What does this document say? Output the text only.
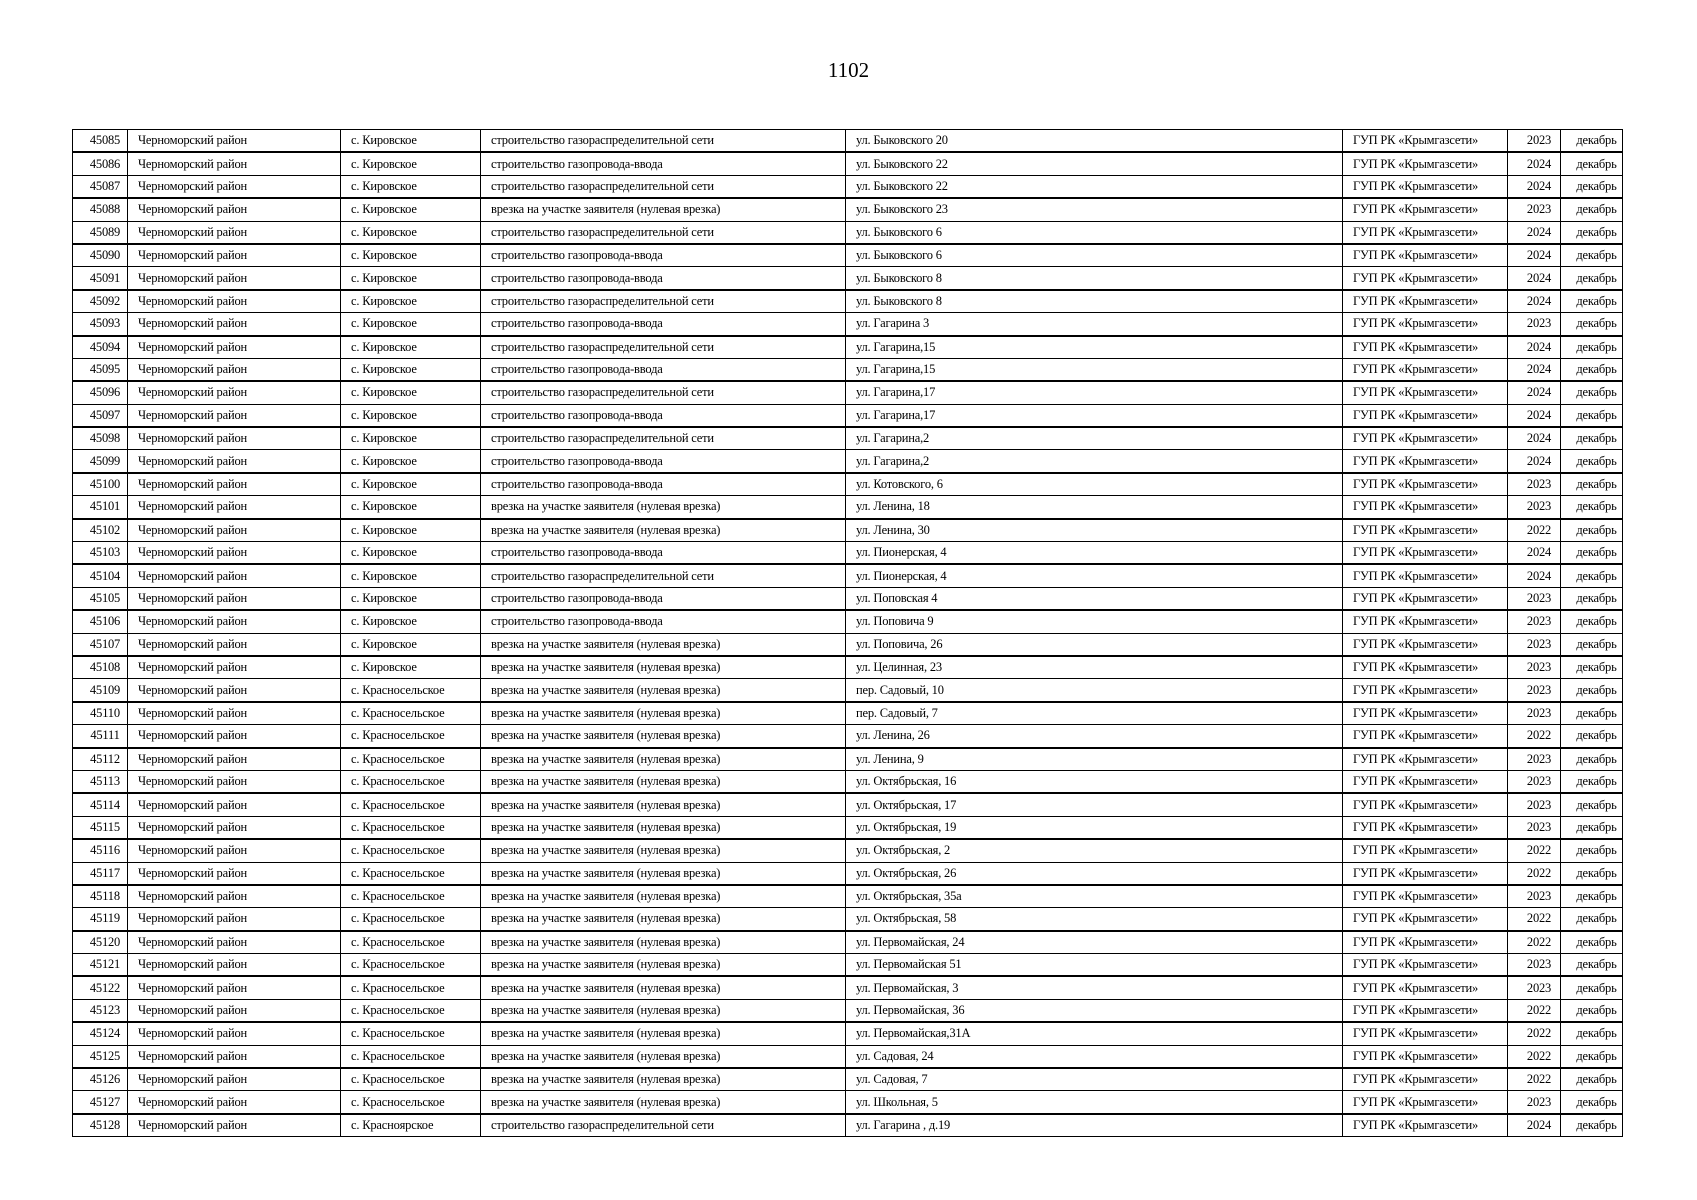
1102
45085	Черноморский район	с. Кировское	строительство газораспределительной сети	ул. Быковского 20	ГУП РК «Крымгазсети»	2023	декабрь
45086	Черноморский район	с. Кировское	строительство газопровода-ввода	ул. Быковского 22	ГУП РК «Крымгазсети»	2024	декабрь
45087	Черноморский район	с. Кировское	строительство газораспределительной сети	ул. Быковского 22	ГУП РК «Крымгазсети»	2024	декабрь
45088	Черноморский район	с. Кировское	врезка на участке заявителя (нулевая врезка)	ул. Быковского 23	ГУП РК «Крымгазсети»	2023	декабрь
45089	Черноморский район	с. Кировское	строительство газораспределительной сети	ул. Быковского 6	ГУП РК «Крымгазсети»	2024	декабрь
45090	Черноморский район	с. Кировское	строительство газопровода-ввода	ул. Быковского 6	ГУП РК «Крымгазсети»	2024	декабрь
45091	Черноморский район	с. Кировское	строительство газопровода-ввода	ул. Быковского 8	ГУП РК «Крымгазсети»	2024	декабрь
45092	Черноморский район	с. Кировское	строительство газораспределительной сети	ул. Быковского 8	ГУП РК «Крымгазсети»	2024	декабрь
45093	Черноморский район	с. Кировское	строительство газопровода-ввода	ул. Гагарина 3	ГУП РК «Крымгазсети»	2023	декабрь
45094	Черноморский район	с. Кировское	строительство газораспределительной сети	ул. Гагарина,15	ГУП РК «Крымгазсети»	2024	декабрь
45095	Черноморский район	с. Кировское	строительство газопровода-ввода	ул. Гагарина,15	ГУП РК «Крымгазсети»	2024	декабрь
45096	Черноморский район	с. Кировское	строительство газораспределительной сети	ул. Гагарина,17	ГУП РК «Крымгазсети»	2024	декабрь
45097	Черноморский район	с. Кировское	строительство газопровода-ввода	ул. Гагарина,17	ГУП РК «Крымгазсети»	2024	декабрь
45098	Черноморский район	с. Кировское	строительство газораспределительной сети	ул. Гагарина,2	ГУП РК «Крымгазсети»	2024	декабрь
45099	Черноморский район	с. Кировское	строительство газопровода-ввода	ул. Гагарина,2	ГУП РК «Крымгазсети»	2024	декабрь
45100	Черноморский район	с. Кировское	строительство газопровода-ввода	ул. Котовского, 6	ГУП РК «Крымгазсети»	2023	декабрь
45101	Черноморский район	с. Кировское	врезка на участке заявителя (нулевая врезка)	ул. Ленина, 18	ГУП РК «Крымгазсети»	2023	декабрь
45102	Черноморский район	с. Кировское	врезка на участке заявителя (нулевая врезка)	ул. Ленина, 30	ГУП РК «Крымгазсети»	2022	декабрь
45103	Черноморский район	с. Кировское	строительство газопровода-ввода	ул. Пионерская, 4	ГУП РК «Крымгазсети»	2024	декабрь
45104	Черноморский район	с. Кировское	строительство газораспределительной сети	ул. Пионерская, 4	ГУП РК «Крымгазсети»	2024	декабрь
45105	Черноморский район	с. Кировское	строительство газопровода-ввода	ул. Поповская 4	ГУП РК «Крымгазсети»	2023	декабрь
45106	Черноморский район	с. Кировское	строительство газопровода-ввода	ул. Поповича 9	ГУП РК «Крымгазсети»	2023	декабрь
45107	Черноморский район	с. Кировское	врезка на участке заявителя (нулевая врезка)	ул. Поповича, 26	ГУП РК «Крымгазсети»	2023	декабрь
45108	Черноморский район	с. Кировское	врезка на участке заявителя (нулевая врезка)	ул. Целинная, 23	ГУП РК «Крымгазсети»	2023	декабрь
45109	Черноморский район	с. Красносельское	врезка на участке заявителя (нулевая врезка)	пер. Садовый, 10	ГУП РК «Крымгазсети»	2023	декабрь
45110	Черноморский район	с. Красносельское	врезка на участке заявителя (нулевая врезка)	пер. Садовый, 7	ГУП РК «Крымгазсети»	2023	декабрь
45111	Черноморский район	с. Красносельское	врезка на участке заявителя (нулевая врезка)	ул. Ленина, 26	ГУП РК «Крымгазсети»	2022	декабрь
45112	Черноморский район	с. Красносельское	врезка на участке заявителя (нулевая врезка)	ул. Ленина, 9	ГУП РК «Крымгазсети»	2023	декабрь
45113	Черноморский район	с. Красносельское	врезка на участке заявителя (нулевая врезка)	ул. Октябрьская, 16	ГУП РК «Крымгазсети»	2023	декабрь
45114	Черноморский район	с. Красносельское	врезка на участке заявителя (нулевая врезка)	ул. Октябрьская, 17	ГУП РК «Крымгазсети»	2023	декабрь
45115	Черноморский район	с. Красносельское	врезка на участке заявителя (нулевая врезка)	ул. Октябрьская, 19	ГУП РК «Крымгазсети»	2023	декабрь
45116	Черноморский район	с. Красносельское	врезка на участке заявителя (нулевая врезка)	ул. Октябрьская, 2	ГУП РК «Крымгазсети»	2022	декабрь
45117	Черноморский район	с. Красносельское	врезка на участке заявителя (нулевая врезка)	ул. Октябрьская, 26	ГУП РК «Крымгазсети»	2022	декабрь
45118	Черноморский район	с. Красносельское	врезка на участке заявителя (нулевая врезка)	ул. Октябрьская, 35а	ГУП РК «Крымгазсети»	2023	декабрь
45119	Черноморский район	с. Красносельское	врезка на участке заявителя (нулевая врезка)	ул. Октябрьская, 58	ГУП РК «Крымгазсети»	2022	декабрь
45120	Черноморский район	с. Красносельское	врезка на участке заявителя (нулевая врезка)	ул. Первомайская, 24	ГУП РК «Крымгазсети»	2022	декабрь
45121	Черноморский район	с. Красносельское	врезка на участке заявителя (нулевая врезка)	ул. Первомайская 51	ГУП РК «Крымгазсети»	2023	декабрь
45122	Черноморский район	с. Красносельское	врезка на участке заявителя (нулевая врезка)	ул. Первомайская, 3	ГУП РК «Крымгазсети»	2023	декабрь
45123	Черноморский район	с. Красносельское	врезка на участке заявителя (нулевая врезка)	ул. Первомайская, 36	ГУП РК «Крымгазсети»	2022	декабрь
45124	Черноморский район	с. Красносельское	врезка на участке заявителя (нулевая врезка)	ул. Первомайская,31А	ГУП РК «Крымгазсети»	2022	декабрь
45125	Черноморский район	с. Красносельское	врезка на участке заявителя (нулевая врезка)	ул. Садовая, 24	ГУП РК «Крымгазсети»	2022	декабрь
45126	Черноморский район	с. Красносельское	врезка на участке заявителя (нулевая врезка)	ул. Садовая, 7	ГУП РК «Крымгазсети»	2022	декабрь
45127	Черноморский район	с. Красносельское	врезка на участке заявителя (нулевая врезка)	ул. Школьная, 5	ГУП РК «Крымгазсети»	2023	декабрь
45128	Черноморский район	с. Краснoярское	строительство газораспределительной сети	ул. Гагарина , д.19	ГУП РК «Крымгазсети»	2024	декабрь
